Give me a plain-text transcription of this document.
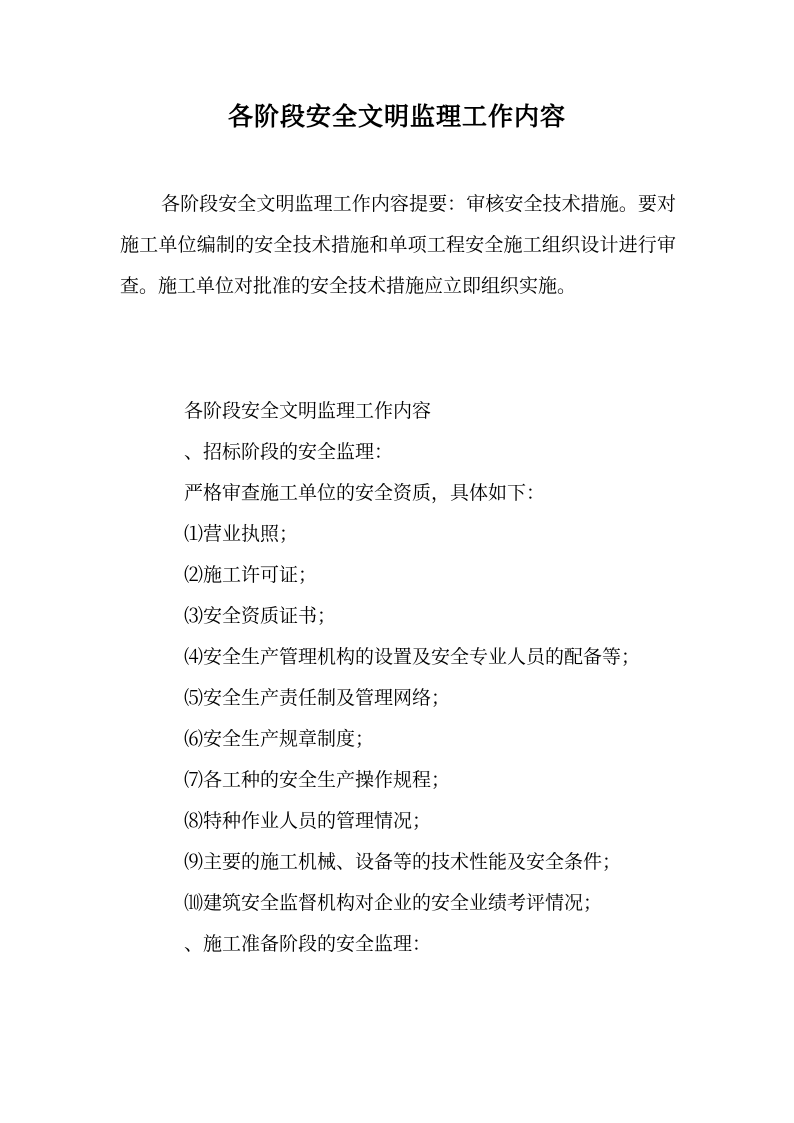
各阶段安全文明监理工作内容

各阶段安全文明监理工作内容提要：审核安全技术措施。要对施工单位编制的安全技术措施和单项工程安全施工组织设计进行审查。施工单位对批准的安全技术措施应立即组织实施。

各阶段安全文明监理工作内容

、招标阶段的安全监理：

严格审查施工单位的安全资质，具体如下：

⑴营业执照；

⑵施工许可证；

⑶安全资质证书；

⑷安全生产管理机构的设置及安全专业人员的配备等；

⑸安全生产责任制及管理网络；

⑹安全生产规章制度；

⑺各工种的安全生产操作规程；

⑻特种作业人员的管理情况；

⑼主要的施工机械、设备等的技术性能及安全条件；

⑽建筑安全监督机构对企业的安全业绩考评情况；

、施工准备阶段的安全监理：
